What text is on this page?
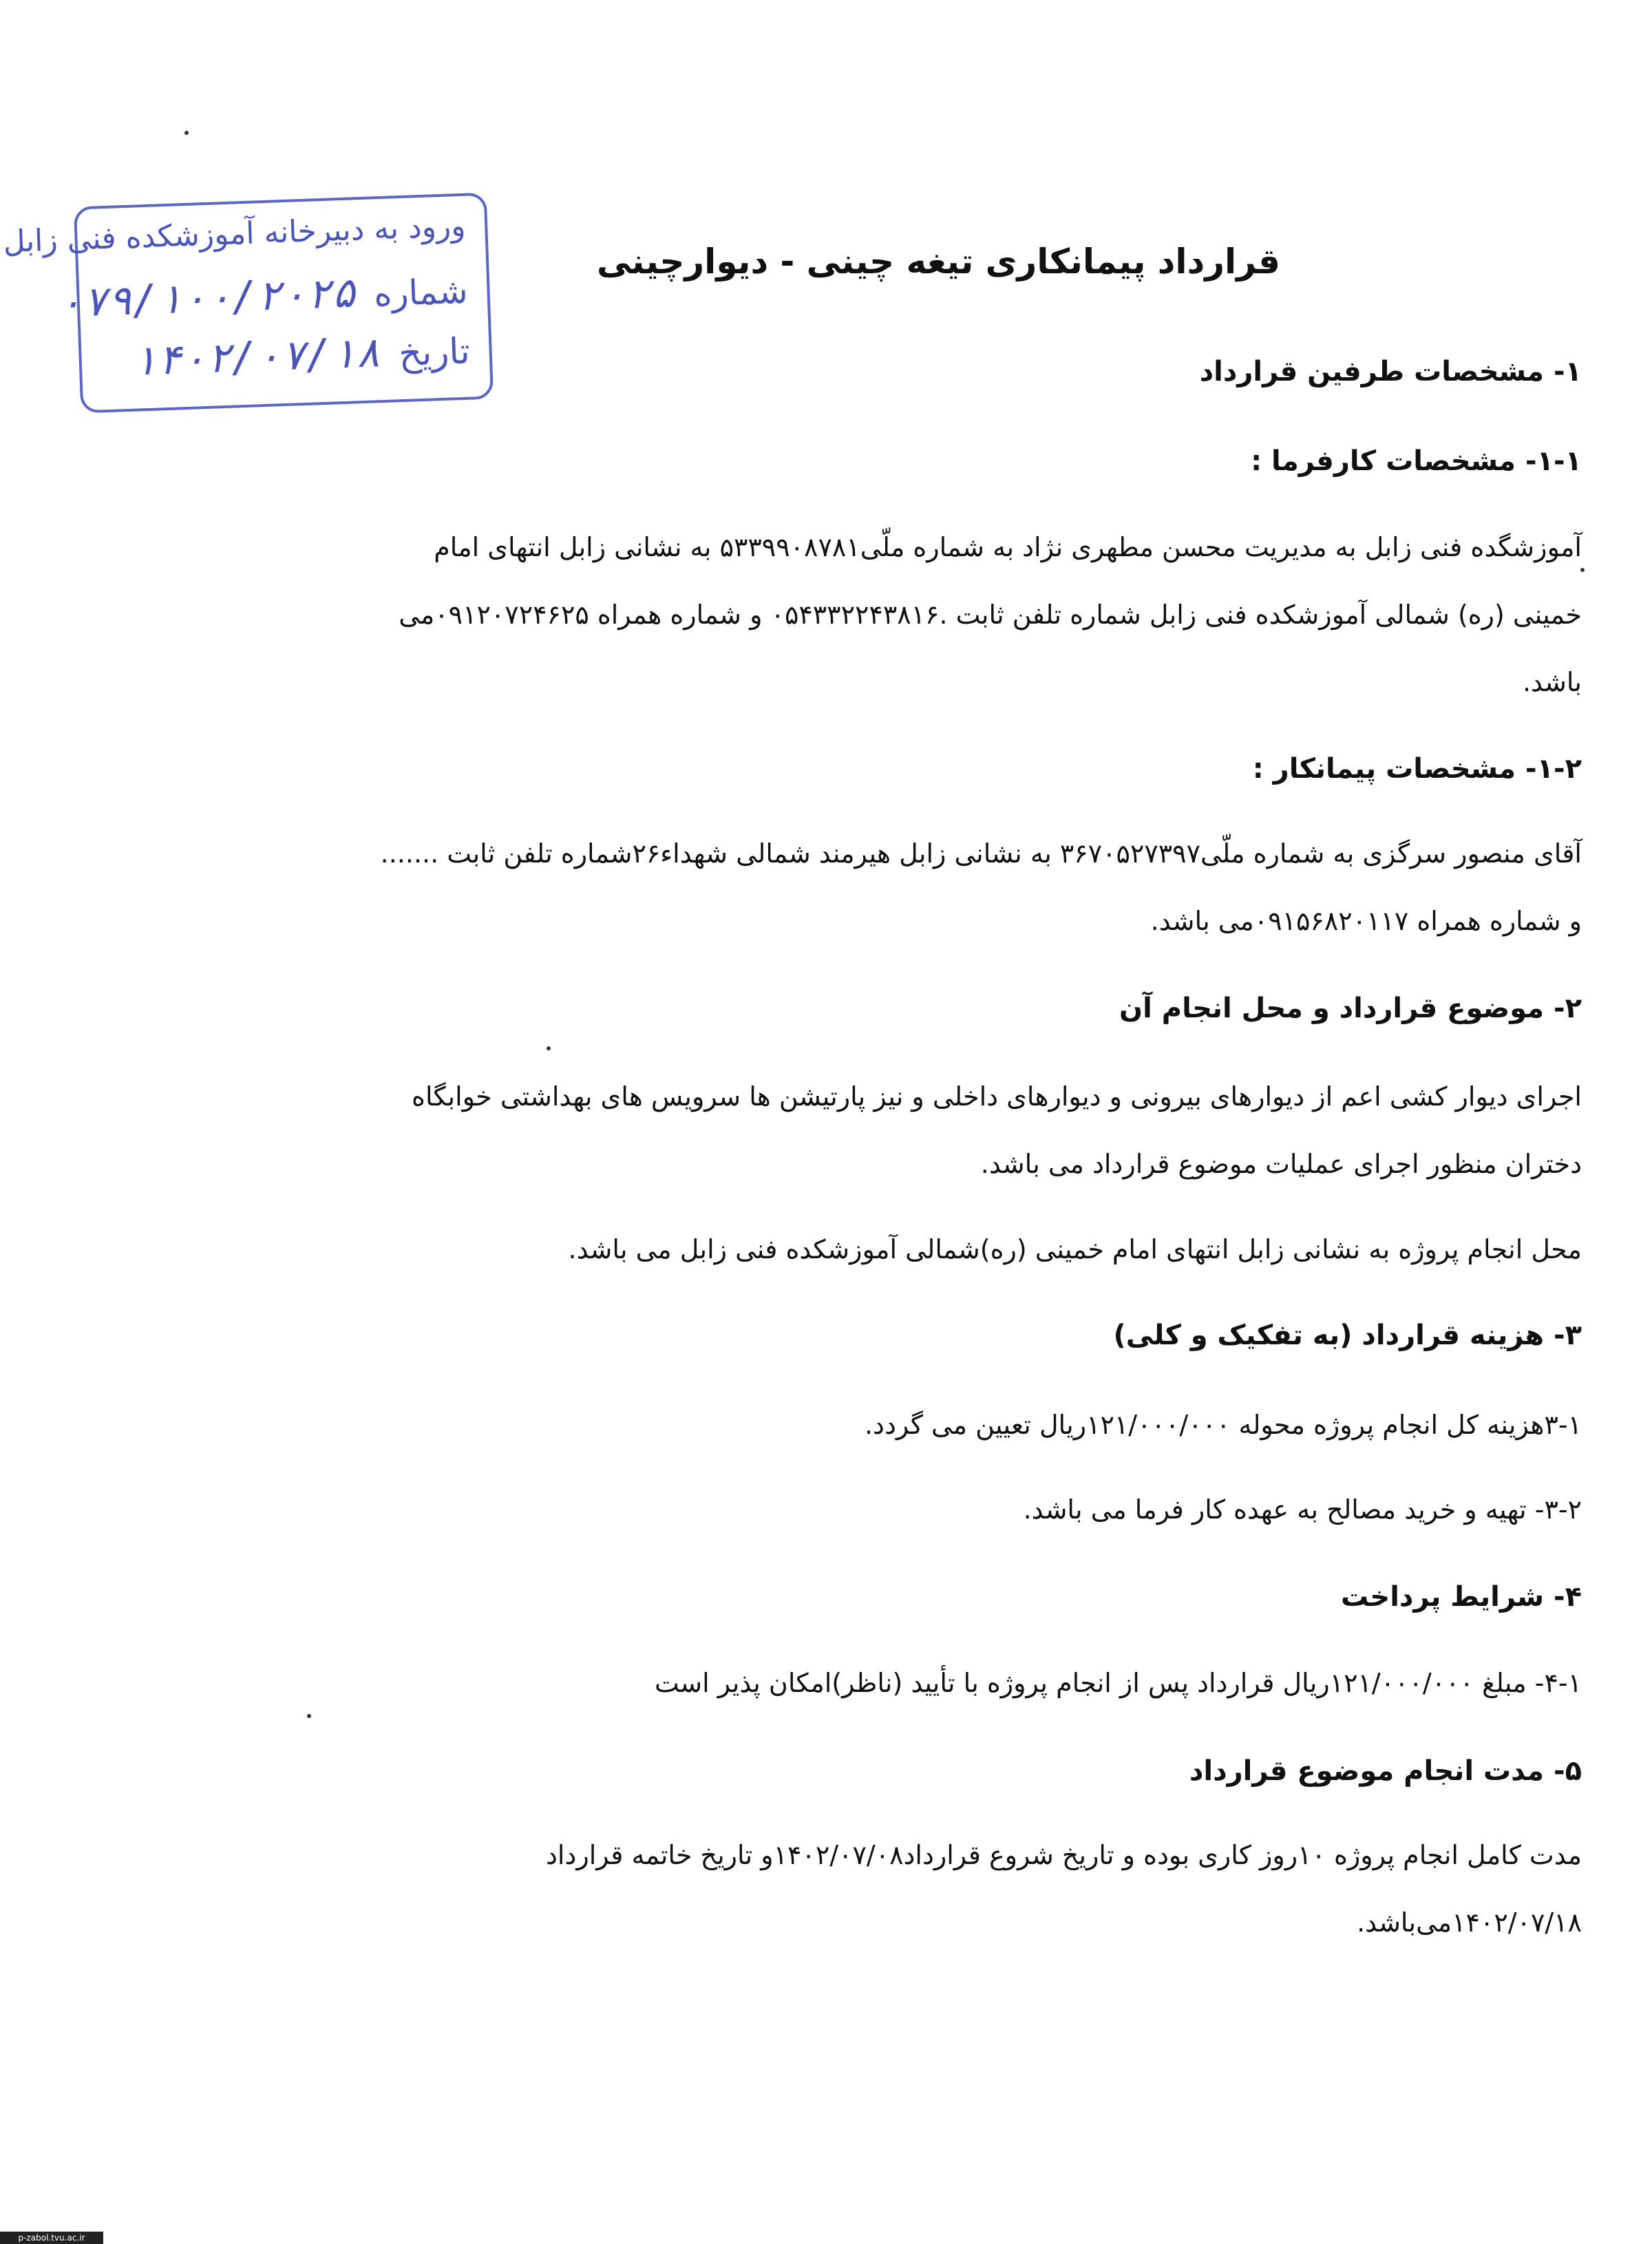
ورود به دبیرخانه آموزشکده فنی زابل
شماره ۰۷۹/۱۰۰/۲۰۲۵
تاریخ ۱۴۰۲/۰۷/۱۸
قرارداد پیمانکاری تیغه چینی - دیوارچینی
۱- مشخصات طرفین قرارداد
۱-۱- مشخصات کارفرما :
آموزشگده فنی زابل به مدیریت محسن مطهری نژاد به شماره ملّی۵۳۳۹۹۰۸۷۸۱ به نشانی زابل انتهای امام
خمینی (ره) شمالی آموزشکده فنی زابل شماره تلفن ثابت .۰۵۴۳۳۲۲۴۳۸۱۶ و شماره همراه ۰۹۱۲۰۷۲۴۶۲۵می
باشد.
۱-۲- مشخصات پیمانکار :
آقای منصور سرگزی به شماره ملّی۳۶۷۰۵۲۷۳۹۷ به نشانی زابل هیرمند شمالی شهداء۲۶شماره تلفن ثابت .......
و شماره همراه ۰۹۱۵۶۸۲۰۱۱۷می باشد.
۲- موضوع قرارداد و محل انجام آن
اجرای دیوار کشی اعم از دیوارهای بیرونی و دیوارهای داخلی و نیز پارتیشن ها سرویس های بهداشتی خوابگاه
دختران منظور اجرای عملیات موضوع قرارداد می باشد.
محل انجام پروژه به نشانی زابل انتهای امام خمینی (ره)شمالی آموزشکده فنی زابل می باشد.
۳- هزینه قرارداد (به تفکیک و کلی)
۳-۱هزینه کل انجام پروژه محوله ۱۲۱/۰۰۰/۰۰۰ریال تعیین می گردد.
۳-۲- تهیه و خرید مصالح به عهده کار فرما می باشد.
۴- شرایط پرداخت
۴-۱- مبلغ ۱۲۱/۰۰۰/۰۰۰ریال قرارداد پس از انجام پروژه با تأیید (ناظر)امکان پذیر است
۵- مدت انجام موضوع قرارداد
مدت کامل انجام پروژه ۱۰روز کاری بوده و تاریخ شروع قرارداد۱۴۰۲/۰۷/۰۸و تاریخ خاتمه قرارداد
۱۴۰۲/۰۷/۱۸می‌باشد.
p-zabol.tvu.ac.ir
